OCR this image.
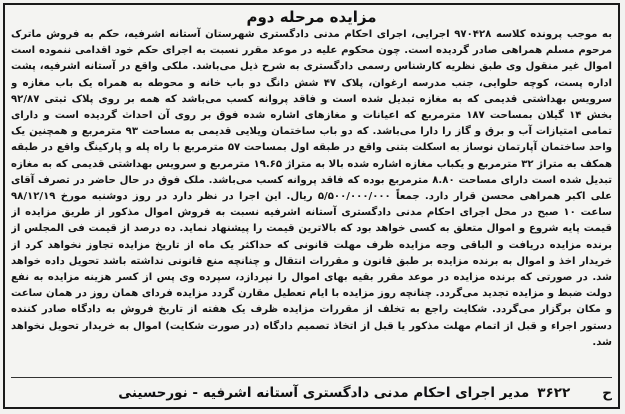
مزایده مرحله دوم
به موجب پرونده کلاسه ۹۷۰۴۲۸ اجرایی، اجرای احکام مدنی دادگستری شهرستان آستانه اشرفیه، حکم به فروش ماترک مرحوم مسلم همراهی صادر گردیده است. چون محکوم علیه در موعد مقرر نسبت به اجرای حکم خود اقدامی ننموده است اموال غیر منقول وی طبق نظریه کارشناس رسمی دادگستری به شرح ذیل می‌باشد. ملکی واقع در آستانه اشرفیه، پشت اداره پست، کوچه حلوایی، جنب مدرسه ارغوان، پلاک ۴۷ شش دانگ دو باب خانه و محوطه به همراه یک باب مغازه و سرویس بهداشتی قدیمی که به مغازه تبدیل شده است و فاقد پروانه کسب می‌باشد که همه بر روی پلاک ثبتی ۹۲/۸۷ بخش ۱۴ گیلان بمساحت ۱۸۷ مترمربع که اعیانات و مغازهای اشاره شده فوق بر روی آن احداث گردیده است و دارای تمامی امتیازات آب و برق و گاز را دارا می‌باشد. که دو باب ساختمان ویلایی قدیمی به مساحت ۹۳ مترمربع و همچنین یک واحد ساختمان آپارتمان نوساز به اسکلت بتنی واقع در طبقه اول بمساحت ۵۷ مترمربع با راه پله و پارکینگ واقع در طبقه همکف به متراژ ۳۲ مترمربع و یکباب مغازه اشاره شده بالا به متراژ ۱۹.۶۵ مترمربع و سرویس بهداشتی قدیمی که به مغازه تبدیل شده است دارای مساحت ۸.۸۰ مترمربع بوده که فاقد پروانه کسب می‌باشد. ملک فوق در حال حاضر در تصرف آقای علی اکبر همراهی محسن قرار دارد. جمعاً ۵/۵۰۰/۰۰۰/۰۰۰ ریال. این اجرا در نظر دارد در روز دوشنبه مورخ ۹۸/۱۲/۱۹ ساعت ۱۰ صبح در محل اجرای احکام مدنی دادگستری آستانه اشرفیه نسبت به فروش اموال مذکور از طریق مزایده از قیمت پایه شروع و اموال متعلق به کسی خواهد بود که بالاترین قیمت را پیشنهاد نماید. ده درصد از قیمت فی المجلس از برنده مزایده دریافت و الباقی وجه مزایده ظرف مهلت قانونی که حداکثر یک ماه از تاریخ مزایده تجاوز نخواهد کرد از خریدار اخذ و اموال به برنده مزایده بر طبق قانون و مقررات انتقال و چنانچه منع قانونی نداشته باشد تحویل داده خواهد شد. در صورتی که برنده مزایده در موعد مقرر بقیه بهای اموال را نپردازد، سپرده وی پس از کسر هزینه مزایده به نفع دولت ضبط و مزایده تجدید می‌گردد. چنانچه روز مزایده با ایام تعطیل مقارن گردد مزایده فردای همان روز در همان ساعت و مکان برگزار می‌گردد. شکایت راجع به تخلف از مقررات مزایده ظرف یک هفته از تاریخ فروش به دادگاه صادر کننده دستور اجراء و قبل از اتمام مهلت مذکور یا قبل از اتخاذ تصمیم دادگاه (در صورت شکایت) اموال به خریدار تحویل نخواهد شد.
ح
۳۶۲۲
مدیر اجرای احکام مدنی دادگستری آستانه اشرفیه - نورحسینی
